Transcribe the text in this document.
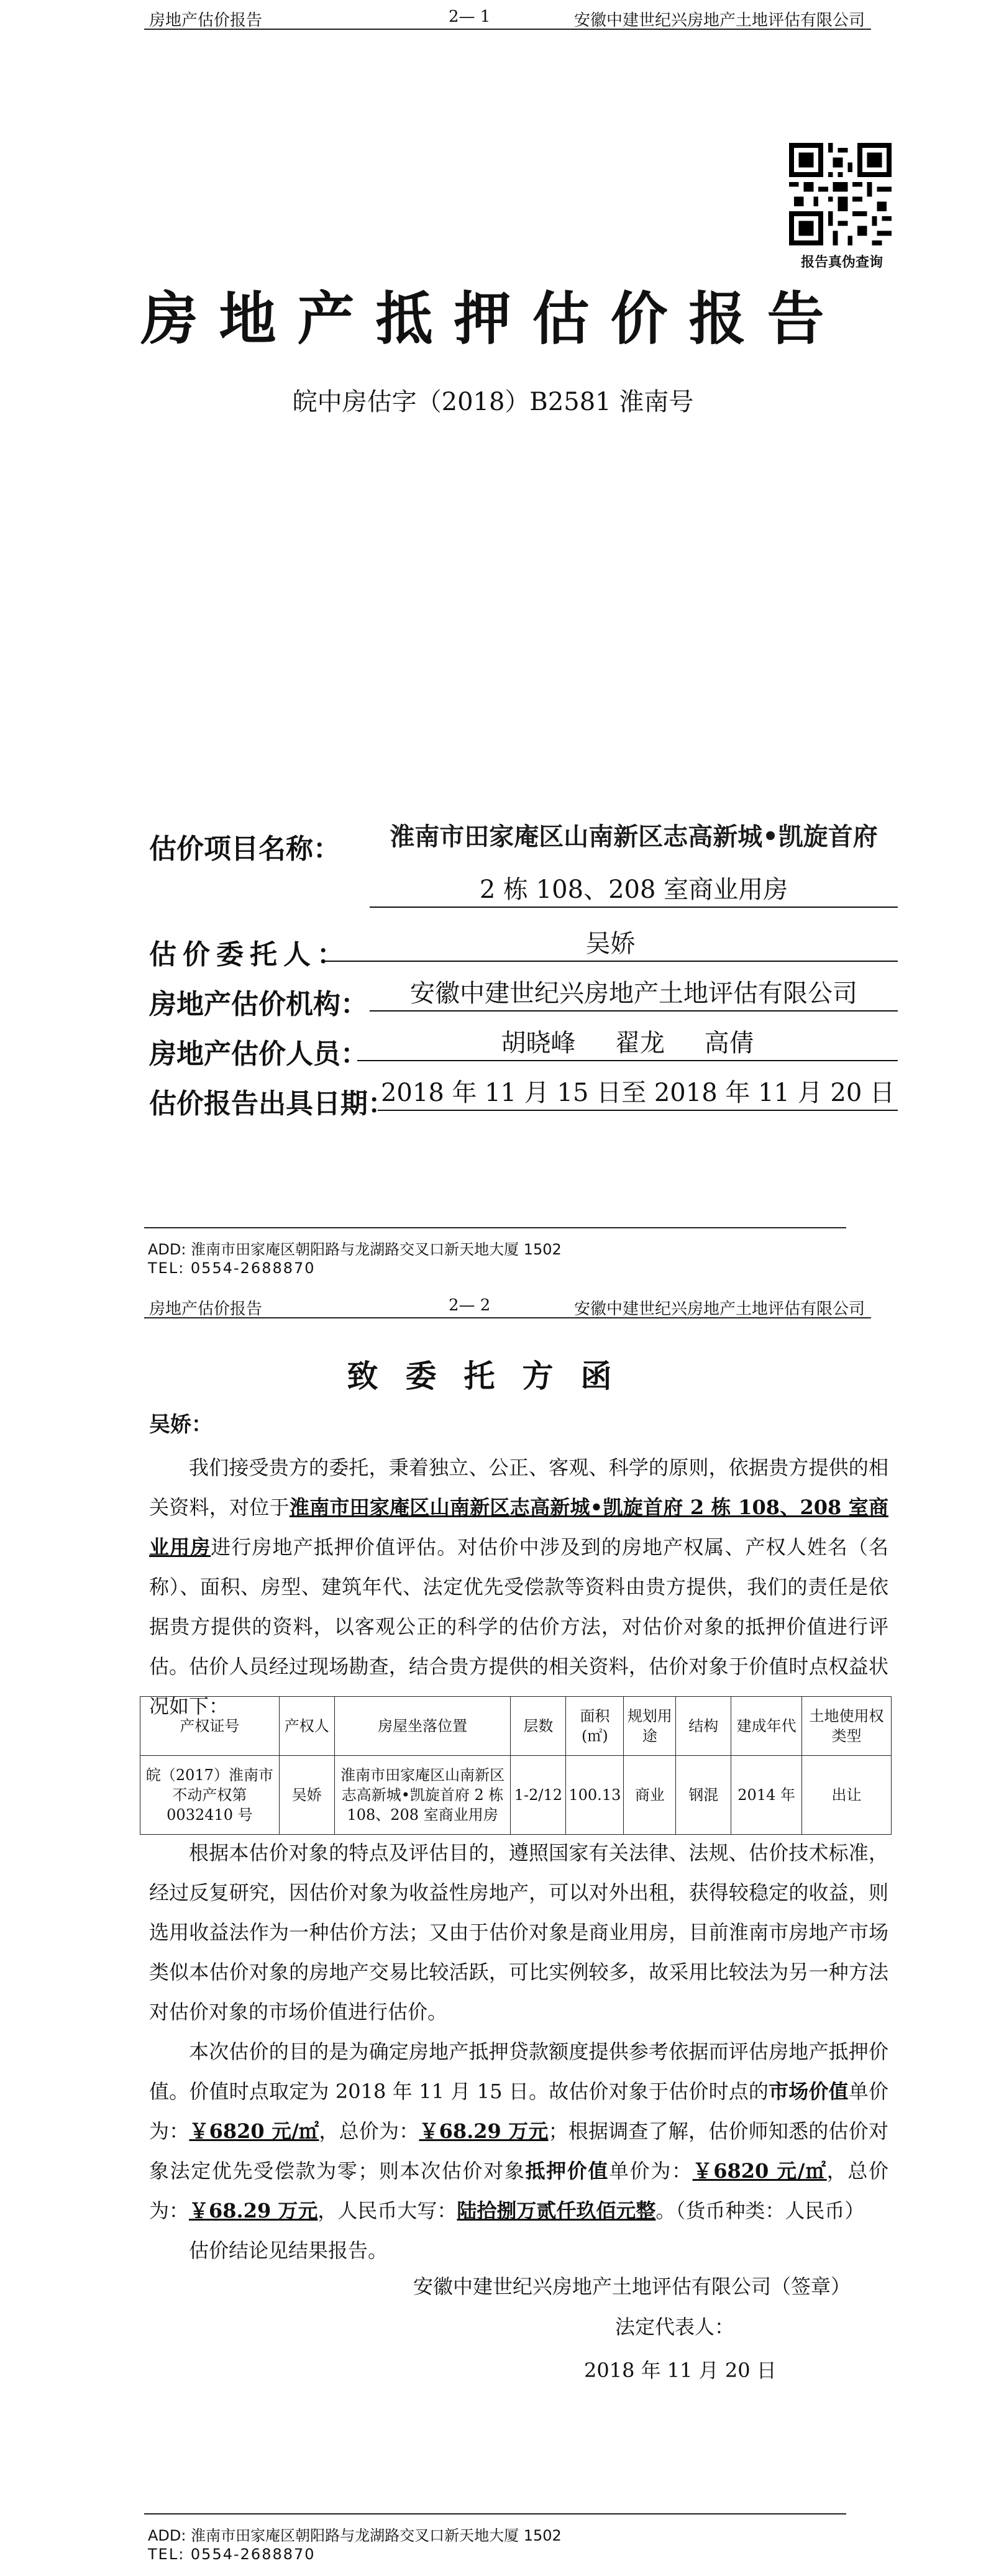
房地产估价报告	2— 1	安徽中建世纪兴房地产土地评估有限公司
报告真伪查询
房地产抵押估价报告
皖中房估字（2018）B2581 淮南号
估价项目名称：	淮南市田家庵区山南新区志高新城•凯旋首府
2 栋 108、208 室商业用房
估价委托人：	吴娇
房地产估价机构：	安徽中建世纪兴房地产土地评估有限公司
房地产估价人员：	胡晓峰     翟龙     高倩
估价报告出具日期：
2018 年 11 月 15 日至 2018 年 11 月 20 日
ADD: 淮南市田家庵区朝阳路与龙湖路交叉口新天地大厦 1502
TEL: 0554-2688870
房地产估价报告	2— 2	安徽中建世纪兴房地产土地评估有限公司
致委托方函
吴娇：
我们接受贵方的委托，秉着独立、公正、客观、科学的原则，依据贵方提供的相关资料，对位于淮南市田家庵区山南新区志高新城•凯旋首府 2 栋 108、208 室商业用房进行房地产抵押价值评估。对估价中涉及到的房地产权属、产权人姓名（名称）、面积、房型、建筑年代、法定优先受偿款等资料由贵方提供，我们的责任是依据贵方提供的资料，以客观公正的科学的估价方法，对估价对象的抵押价值进行评估。 估价人员经过现场勘查，结合贵方提供的相关资料，估价对象于价值时点权益状况如下：
产权证号	产权人	房屋坐落位置	层数	面积(㎡)	规划用途	结构	建成年代	土地使用权类型
皖（2017）淮南市不动产权第0032410 号	吴娇	淮南市田家庵区山南新区志高新城•凯旋首府 2 栋 108、208 室商业用房	1-2/12	100.13	商业	钢混	2014 年	出让
根据本估价对象的特点及评估目的，遵照国家有关法律、法规、估价技术标准，经过反复研究，因估价对象为收益性房地产，可以对外出租，获得较稳定的收益，则选用收益法作为一种估价方法；又由于估价对象是商业用房，目前淮南市房地产市场类似本估价对象的房地产交易比较活跃，可比实例较多，故采用比较法为另一种方法对估价对象的市场价值进行估价。
本次估价的目的是为确定房地产抵押贷款额度提供参考依据而评估房地产抵押价值。价值时点取定为 2018 年 11 月 15 日。故估价对象于估价时点的市场价值单价为：￥6820 元/㎡，总价为：￥68.29 万元；根据调查了解，估价师知悉的估价对象法定优先受偿款为零；则本次估价对象抵押价值单价为：￥6820 元/㎡，总价为：￥68.29 万元，人民币大写：陆拾捌万贰仟玖佰元整。（货币种类：人民币）
估价结论见结果报告。
安徽中建世纪兴房地产土地评估有限公司（签章）
法定代表人：
2018 年 11 月 20 日
ADD: 淮南市田家庵区朝阳路与龙湖路交叉口新天地大厦 1502
TEL: 0554-2688870
